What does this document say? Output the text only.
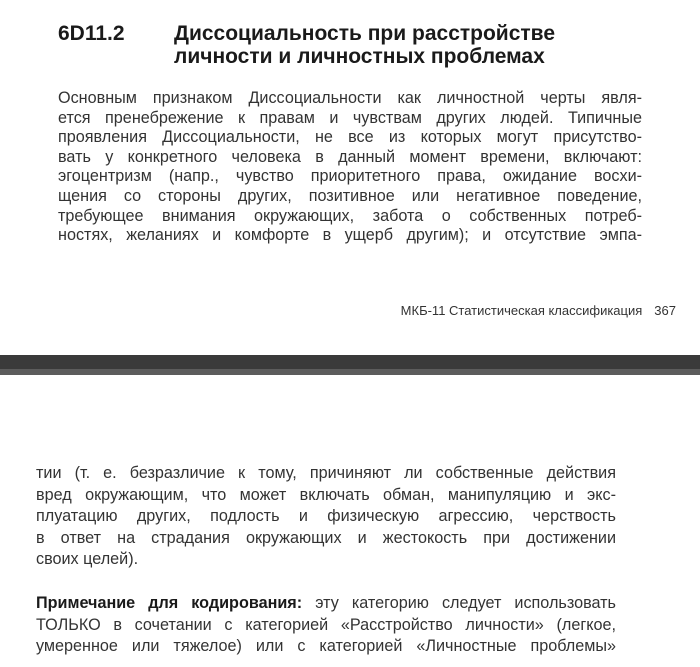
6D11.2 Диссоциальность при расстройстве
личности и личностных проблемах
Основным признаком Диссоциальности как личностной черты явля-
ется пренебрежение к правам и чувствам других людей. Типичные
проявления Диссоциальности, не все из которых могут присутство-
вать у конкретного человека в данный момент времени, включают:
эгоцентризм (напр., чувство приоритетного права, ожидание восхи-
щения со стороны других, позитивное или негативное поведение,
требующее внимания окружающих, забота о собственных потреб-
ностях, желаниях и комфорте в ущерб другим); и отсутствие эмпа-
МКБ-11 Статистическая классификация 367
тии (т. е. безразличие к тому, причиняют ли собственные действия
вред окружающим, что может включать обман, манипуляцию и экс-
плуатацию других, подлость и физическую агрессию, черствость
в ответ на страдания окружающих и жестокость при достижении
своих целей).
Примечание для кодирования: эту категорию следует использовать
ТОЛЬКО в сочетании с категорией «Расстройство личности» (легкое,
умеренное или тяжелое) или с категорией «Личностные проблемы»
